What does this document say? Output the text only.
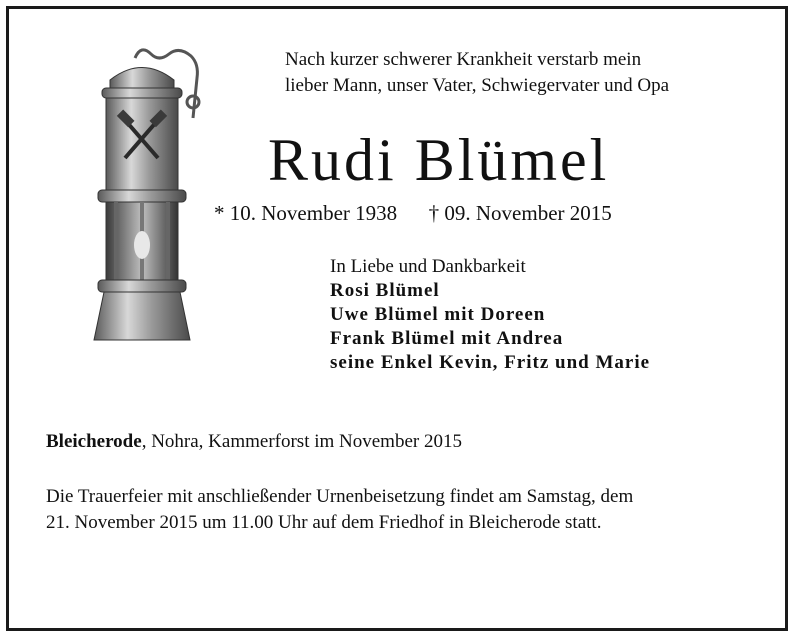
Nach kurzer schwerer Krankheit verstarb mein
lieber Mann, unser Vater, Schwiegervater und Opa
Rudi Blümel
* 10. November 1938 † 09. November 2015
In Liebe und Dankbarkeit
Rosi Blümel
Uwe Blümel mit Doreen
Frank Blümel mit Andrea
seine Enkel Kevin, Fritz und Marie
Bleicherode, Nohra, Kammerforst im November 2015
Die Trauerfeier mit anschließender Urnenbeisetzung findet am Samstag, dem
21. November 2015 um 11.00 Uhr auf dem Friedhof in Bleicherode statt.
